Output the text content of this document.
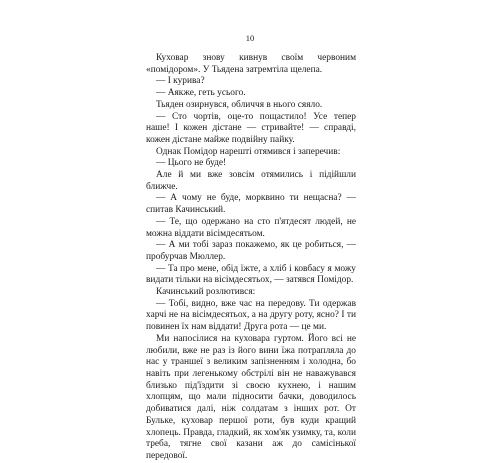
10

Куховар знову кивнув своїм червоним «помідором». У Тьядена затремтіла щелепа.

— І курива?

— Аякже, геть усього.

Тьяден озирнувся, обличчя в нього сяяло.

— Сто чортів, оце-то пощастило! Усе тепер наше! І кожен дістане — стривайте! — справді, кожен дістане майже подвійну пайку.

Однак Помідор нарешті отямився і заперечив:

— Цього не буде!

Але й ми вже зовсім отямились і підійшли ближче.

— А чому не буде, морквино ти нещасна? — спитав Качинський.

— Те, що одержано на сто п'ятдесят людей, не можна віддати вісімдесятьом.

— А ми тобі зараз покажемо, як це робиться, — пробурчав Мюллер.

— Та про мене, обід їжте, а хліб і ковбасу я можу видати тільки на вісімдесятьох, — затявся Помідор.

Качинський розлютився:

— Тобі, видно, вже час на передову. Ти одержав харчі не на вісімдесятьох, а на другу роту, ясно? І ти повинен їх нам віддати! Друга рота — це ми.

Ми напосілися на куховара гуртом. Його всі не любили, вже не раз із його вини їжа потрапляла до нас у траншеї з великим запізненням і холодна, бо навіть при легенькому обстрілі він не наважувався близько під'їздити зі своєю кухнею, і нашим хлопцям, що мали підносити бачки, доводилось добиватися далі, ніж солдатам з інших рот. От Бульке, куховар першої роти, був куди кращий хлопець. Правда, гладкий, як хом'як узимку, та, коли треба, тягне свої казани аж до самісінької передової.
